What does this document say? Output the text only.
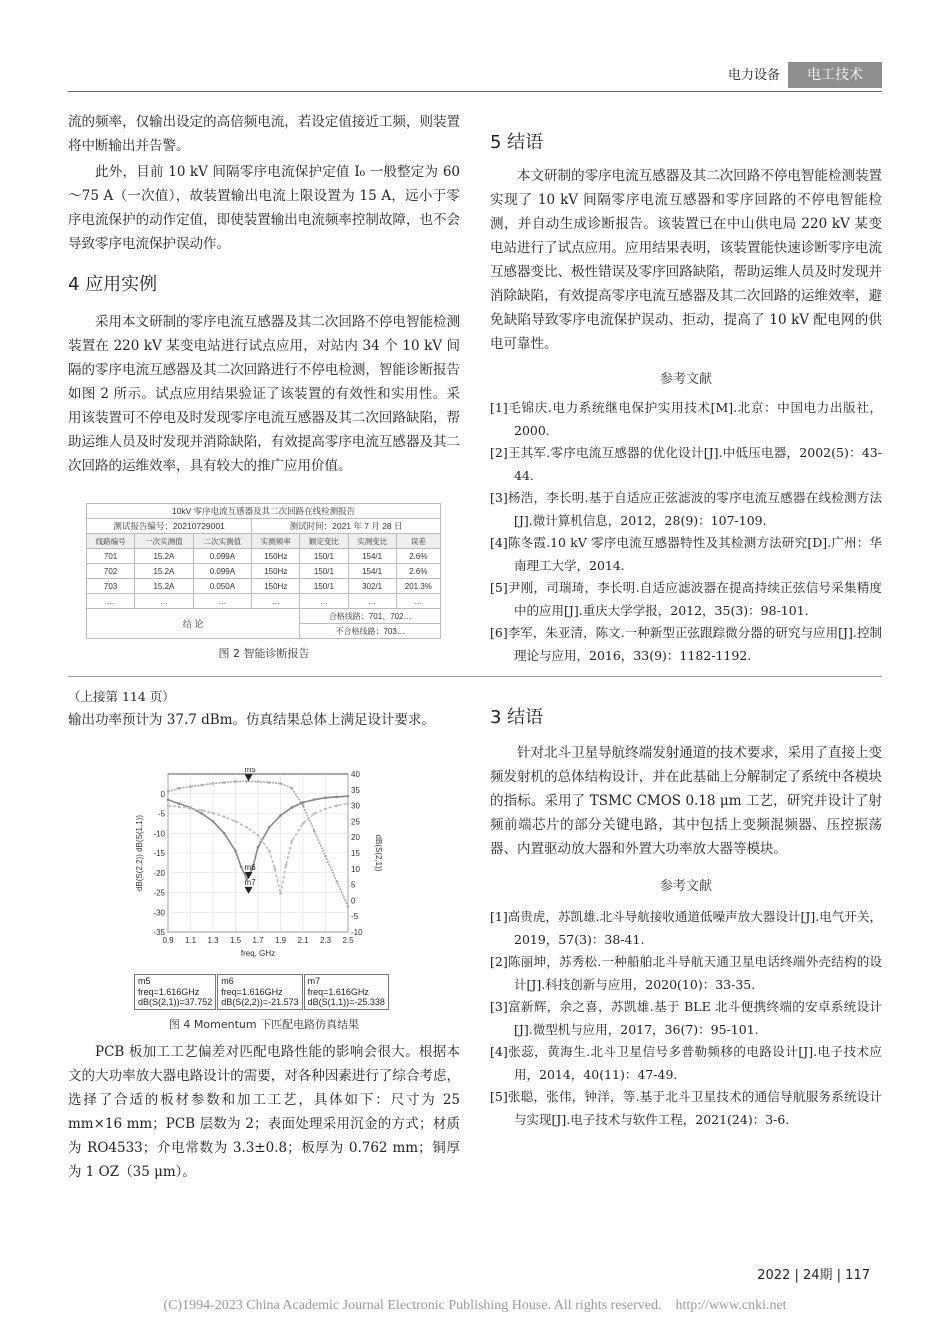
电力设备	电工技术

流的频率，仅输出设定的高倍频电流，若设定值接近工频，则装置将中断输出并告警。

此外，目前 10 kV 间隔零序电流保护定值 I₀ 一般整定为 60～75 A（一次值），故装置输出电流上限设置为 15 A，远小于零序电流保护的动作定值，即使装置输出电流频率控制故障，也不会导致零序电流保护误动作。

4 应用实例

采用本文研制的零序电流互感器及其二次回路不停电智能检测装置在 220 kV 某变电站进行试点应用，对站内 34 个 10 kV 间隔的零序电流互感器及其二次回路进行不停电检测，智能诊断报告如图 2 所示。试点应用结果验证了该装置的有效性和实用性。采用该装置可不停电及时发现零序电流互感器及其二次回路缺陷，帮助运维人员及时发现并消除缺陷，有效提高零序电流互感器及其二次回路的运维效率，具有较大的推广应用价值。

10kV 零序电流互感器及其二次回路在线检测报告						
测试报告编号：20210729001			测试时间：2021 年 7 月 28 日			
线路编号	一次实测值	二次实测值	实测频率	额定变比	实测变比	误差
701	15.2A	0.099A	150Hz	150/1	154/1	2.6%
702	15.2A	0.099A	150Hz	150/1	154/1	2.6%
703	15.2A	0.050A	150Hz	150/1	302/1	201.3%
…	…	…	…	…	…	…
结 论				合格线路：701、702…		
				不合格线路：703…		
图 2 智能诊断报告
5 结语

本文研制的零序电流互感器及其二次回路不停电智能检测装置实现了 10 kV 间隔零序电流互感器和零序回路的不停电智能检测，并自动生成诊断报告。该装置已在中山供电局 220 kV 某变电站进行了试点应用。应用结果表明，该装置能快速诊断零序电流互感器变比、极性错误及零序回路缺陷，帮助运维人员及时发现并消除缺陷，有效提高零序电流互感器及其二次回路的运维效率，避免缺陷导致零序电流保护误动、拒动，提高了 10 kV 配电网的供电可靠性。

参考文献

[1]毛锦庆.电力系统继电保护实用技术[M].北京：中国电力出版社，2000.

[2]王其军.零序电流互感器的优化设计[J].中低压电器，2002(5)：43-44.

[3]杨浩，李长明.基于自适应正弦滤波的零序电流互感器在线检测方法[J].微计算机信息，2012，28(9)：107-109.

[4]陈冬霞.10 kV 零序电流互感器特性及其检测方法研究[D].广州：华南理工大学，2014.

[5]尹刚，司瑞琦，李长明.自适应滤波器在提高持续正弦信号采集精度中的应用[J].重庆大学学报，2012，35(3)：98-101.

[6]李军，朱亚清，陈文.一种新型正弦跟踪微分器的研究与应用[J].控制理论与应用，2016，33(9)：1182-1192.

（上接第 114 页）

输出功率预计为 37.7 dBm。仿真结果总体上满足设计要求。

0.9 1.1 1.3 1.5 1.7 1.9 2.1 2.3 2.5
0
-5
-10
-15
-20
-25
-30
-35
40
35
30
25
20
15
10
5
0
-5
-10
freq, GHz
dB(S(2,2)) dB(S(1,1))	dB(S(2,1))
m5
m6
m7
m5
freq=1.616GHz
dB(S(2,1))=37.752
m6
freq=1.616GHz
dB(S(2,2))=-21.573
m7
freq=1.616GHz
dB(S(1,1))=-25.338
图 4 Momentum 下匹配电路仿真结果

PCB 板加工工艺偏差对匹配电路性能的影响会很大。根据本文的大功率放大器电路设计的需要，对各种因素进行了综合考虑，选择了合适的板材参数和加工工艺，具体如下：尺寸为 25 mm×16 mm；PCB 层数为 2；表面处理采用沉金的方式；材质为 RO4533；介电常数为 3.3±0.8；板厚为 0.762 mm；铜厚为 1 OZ（35 μm）。

3 结语

针对北斗卫星导航终端发射通道的技术要求，采用了直接上变频发射机的总体结构设计，并在此基础上分解制定了系统中各模块的指标。采用了 TSMC CMOS 0.18 μm 工艺，研究并设计了射频前端芯片的部分关键电路，其中包括上变频混频器、压控振荡器、内置驱动放大器和外置大功率放大器等模块。

参考文献

[1]高贵虎，苏凯雄.北斗导航接收通道低噪声放大器设计[J].电气开关，2019，57(3)：38-41.

[2]陈丽坤，苏秀松.一种船舶北斗导航天通卫星电话终端外壳结构的设计[J].科技创新与应用，2020(10)：33-35.

[3]富新辉，余之喜，苏凯雄.基于 BLE 北斗便携终端的安卓系统设计[J].微型机与应用，2017，36(7)：95-101.

[4]张蕊，黄海生.北斗卫星信号多普勒频移的电路设计[J].电子技术应用，2014，40(11)：47-49.

[5]张聪，张伟，钟洋，等.基于北斗卫星技术的通信导航服务系统设计与实现[J].电子技术与软件工程，2021(24)：3-6.

2022 | 24期 | 117
(C)1994-2023 China Academic Journal Electronic Publishing House. All rights reserved.    http://www.cnki.net
